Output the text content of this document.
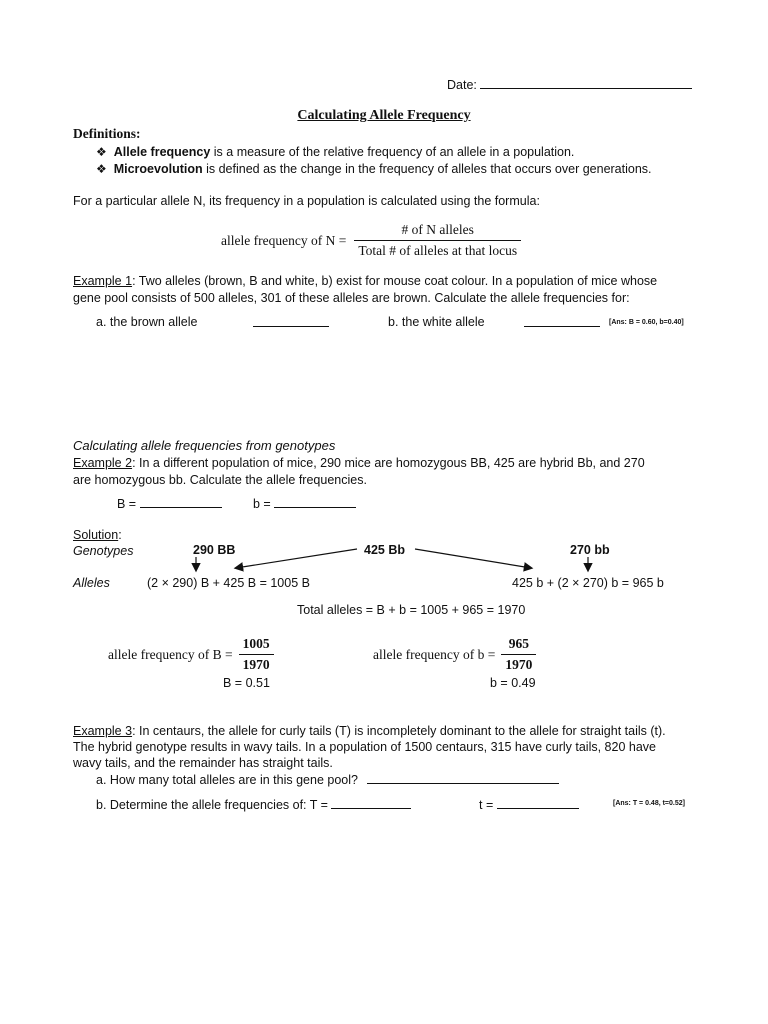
Date:
Calculating Allele Frequency
Definitions:
❖ Allele frequency is a measure of the relative frequency of an allele in a population.
❖ Microevolution is defined as the change in the frequency of alleles that occurs over generations.
For a particular allele N, its frequency in a population is calculated using the formula:
allele frequency of $N = \frac{\text{\# of N alleles}}{\text{Total \# of alleles at that locus}}$
Example 1: Two alleles (brown, B and white, b) exist for mouse coat colour. In a population of mice whose
gene pool consists of 500 alleles, 301 of these alleles are brown. Calculate the allele frequencies for:
a. the brown allele	b. the white allele	[Ans: B = 0.60, b=0.40]
Calculating allele frequencies from genotypes
Example 2: In a different population of mice, 290 mice are homozygous BB, 425 are hybrid Bb, and 270
are homozygous bb. Calculate the allele frequencies.
B =	b =
Solution:
Genotypes
Alleles
290 BB	425 Bb	270 bb
(2 × 290) B + 425 B = 1005 B	425 b + (2 × 270) b = 965 b
Total alleles = B + b = 1005 + 965 = 1970
allele frequency of $B = \frac{1005}{1970}$	allele frequency of $b = \frac{965}{1970}$
B = 0.51	b = 0.49
Example 3: In centaurs, the allele for curly tails (T) is incompletely dominant to the allele for straight tails (t).
The hybrid genotype results in wavy tails. In a population of 1500 centaurs, 315 have curly tails, 820 have
wavy tails, and the remainder has straight tails.
a. How many total alleles are in this gene pool?
b. Determine the allele frequencies of: T =	t =	[Ans: T = 0.48, t=0.52]
